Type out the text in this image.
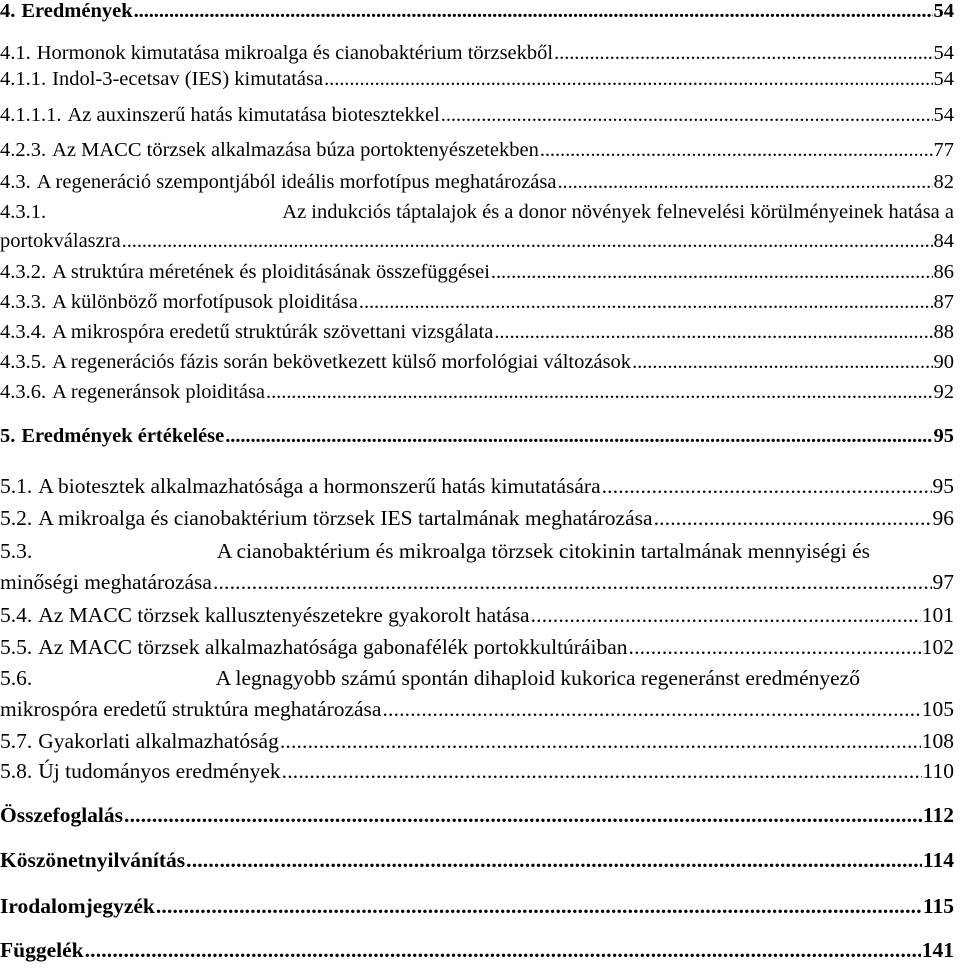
4. Eredmények . . .	54
4.1. Hormonok kimutatása mikroalga és cianobaktérium törzsekből . . .	54
4.1.1. Indol-3-ecetsav (IES) kimutatása . . .	54
4.1.1.1. Az auxinszerű hatás kimutatása biotesztekkel . . .	54
4.2.3. Az MACC törzsek alkalmazása búza portoktenyészetekben . . .	77
4.3. A regeneráció szempontjából ideális morfotípus meghatározása . . .	82
4.3.1.	Az indukciós táptalajok és a donor növények felnevelési körülményeinek hatása a
portokválaszra . . .	84
4.3.2. A struktúra méretének és ploiditásának összefüggései . . .	86
4.3.3. A különböző morfotípusok ploiditása . . .	87
4.3.4. A mikrospóra eredetű struktúrák szövettani vizsgálata . . .	88
4.3.5. A regenerációs fázis során bekövetkezett külső morfológiai változások . . .	90
4.3.6. A regeneránsok ploiditása . . .	92
5. Eredmények értékelése . . .	95
5.1. A biotesztek alkalmazhatósága a hormonszerű hatás kimutatására . . .	95
5.2. A mikroalga és cianobaktérium törzsek IES tartalmának meghatározása . . .	96
5.3.	A cianobaktérium és mikroalga törzsek citokinin tartalmának mennyiségi és
minőségi meghatározása . . .	97
5.4. Az MACC törzsek kallusztenyészetekre gyakorolt hatása . . .	101
5.5. Az MACC törzsek alkalmazhatósága gabonafélék portokkultúráiban . . .	102
5.6.	A legnagyobb számú spontán dihaploid kukorica regeneránst eredményező
mikrospóra eredetű struktúra meghatározása . . .	105
5.7. Gyakorlati alkalmazhatóság . . .	108
5.8. Új tudományos eredmények . . .	110
Összefoglalás . . .	112
Köszönetnyilvánítás . . .	114
Irodalomjegyzék . . .	115
Függelék . . .	141
